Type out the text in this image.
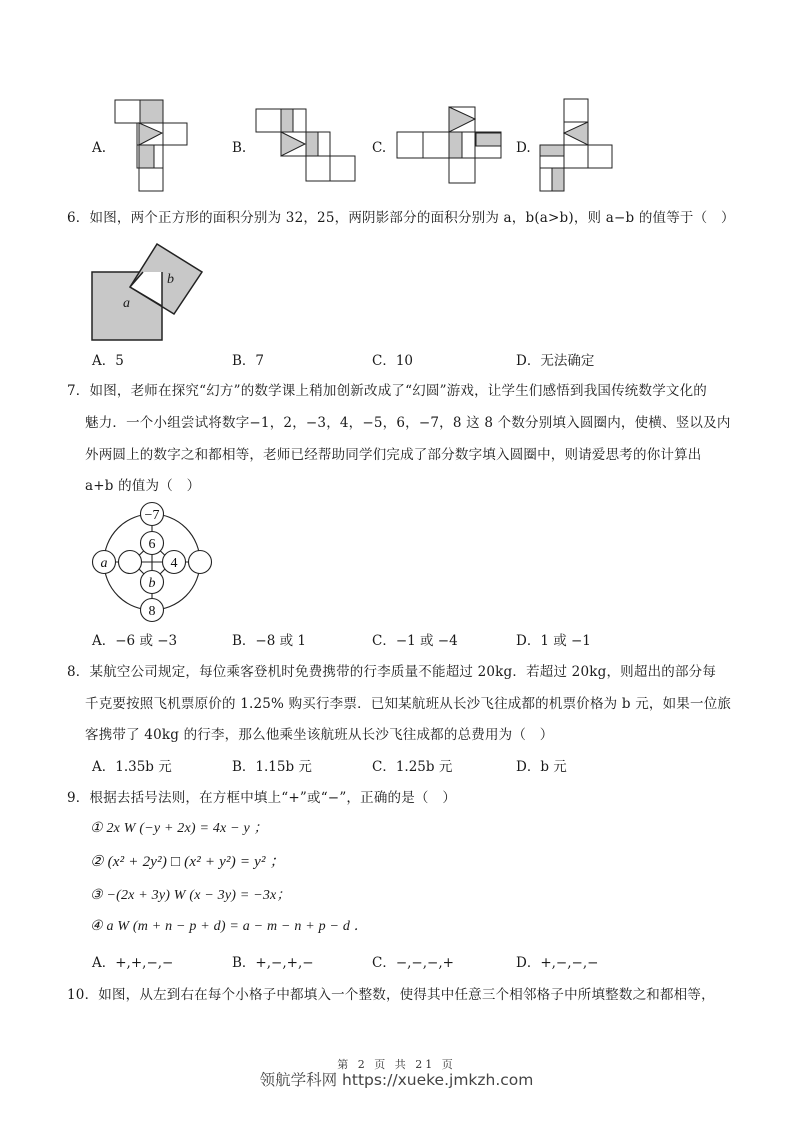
A.	B.	C.	D.
6．如图，两个正方形的面积分别为 32，25，两阴影部分的面积分别为 a，b(a>b)，则 a−b 的值等于（　）
a
b
A．5	B．7	C．10	D．无法确定
7．如图，老师在探究“幻方”的数学课上稍加创新改成了“幻圆”游戏，让学生们感悟到我国传统数学文化的
魅力．一个小组尝试将数字−1，2，−3，4，−5，6，−7，8 这 8 个数分别填入圆圈内，使横、竖以及内
外两圆上的数字之和都相等，老师已经帮助同学们完成了部分数字填入圆圈中，则请爱思考的你计算出
a+b 的值为（　）
−7
6
a	4
b
8
A．−6 或 −3	B．−8 或 1	C．−1 或 −4	D．1 或 −1
8．某航空公司规定，每位乘客登机时免费携带的行李质量不能超过 20kg．若超过 20kg，则超出的部分每
千克要按照飞机票原价的 1.25% 购买行李票．已知某航班从长沙飞往成都的机票价格为 b 元，如果一位旅
客携带了 40kg 的行李，那么他乘坐该航班从长沙飞往成都的总费用为（　）
A．1.35b 元	B．1.15b 元	C．1.25b 元	D．b 元
9．根据去括号法则，在方框中填上“+”或“−”，正确的是（　）
① 2x W (−y + 2x) = 4x − y ；
② (x² + 2y²) □ (x² + y²) = y² ；
③ −(2x + 3y) W (x − 3y) = −3x；
④ a W (m + n − p + d) = a − m − n + p − d ．
A．+,+,−,−	B．+,−,+,−	C．−,−,−,+	D．+,−,−,−
10．如图，从左到右在每个小格子中都填入一个整数，使得其中任意三个相邻格子中所填整数之和都相等，
第 2 页 共 21 页
领航学科网 https://xueke.jmkzh.com
